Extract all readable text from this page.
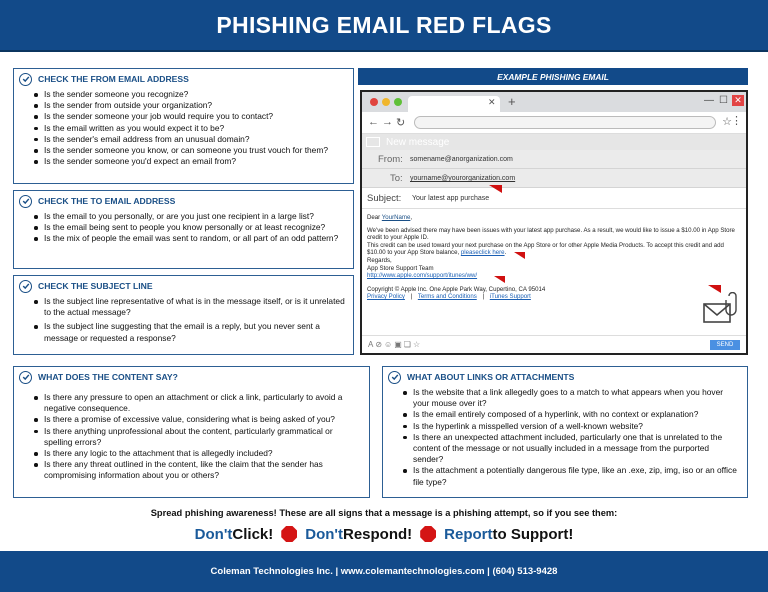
PHISHING EMAIL RED FLAGS
CHECK THE FROM EMAIL ADDRESS
Is the sender someone you recognize?
Is the sender from outside your organization?
Is the sender someone your job would require you to contact?
Is the email written as you would expect it to be?
Is the sender's email address from an unusual domain?
Is the sender someone you know, or can someone you trust vouch for them?
Is the sender someone you'd expect an email from?
CHECK THE TO EMAIL ADDRESS
Is the email to you personally, or are you just one recipient in a large list?
Is the email being sent to people you know personally or at least recognize?
Is the mix of people the email was sent to random, or all part of an odd pattern?
CHECK THE SUBJECT LINE
Is the subject line representative of what is in the message itself, or is it unrelated to the actual message?
Is the subject line suggesting that the email is a reply, but you never sent a message or requested a response?
EXAMPLE PHISHING EMAIL
✕ +	— ☐ ✕
← → ↻	☆ ⋮
New message
From: somename@anorganization.com
To: yourname@yourorganization.com
Subject: Your latest app purchase
Dear YourName,
We've been advised there may have been issues with your latest app purchase. As a result, we would like to issue a $10.00 in App Store credit to your Apple ID.
This credit can be used toward your next purchase on the App Store or for other Apple Media Products. To accept this credit and add $10.00 to your App Store balance, pleaseclick here.
Regards,
App Store Support Team
http://www.apple.com/support/itunes/ww/
Copyright © Apple Inc. One Apple Park Way, Cupertino, CA 95014
Privacy Policy | Terms and Conditions | iTunes Support
A⊘☺▣❏☆	SEND
WHAT DOES THE CONTENT SAY?
Is there any pressure to open an attachment or click a link, particularly to avoid a negative consequence.
Is there a promise of excessive value, considering what is being asked of you?
Is there anything unprofessional about the content, particularly grammatical or spelling errors?
Is there any logic to the attachment that is allegedly included?
Is there any threat outlined in the content, like the claim that the sender has compromising information about you or others?
WHAT ABOUT LINKS OR ATTACHMENTS
Is the website that a link allegedly goes to a match to what appears when you hover your mouse over it?
Is the email entirely composed of a hyperlink, with no context or explanation?
Is the hyperlink a misspelled version of a well-known website?
Is there an unexpected attachment included, particularly one that is unrelated to the content of the message or not usually included in a message from the purported sender?
Is the attachment a potentially dangerous file type, like an .exe, zip, img, iso or an office file type?
Spread phishing awareness! These are all signs that a message is a phishing attempt, so if you see them:
Don't Click! Don't Respond! Report to Support!
Coleman Technologies Inc. | www.colemantechnologies.com | (604) 513-9428
